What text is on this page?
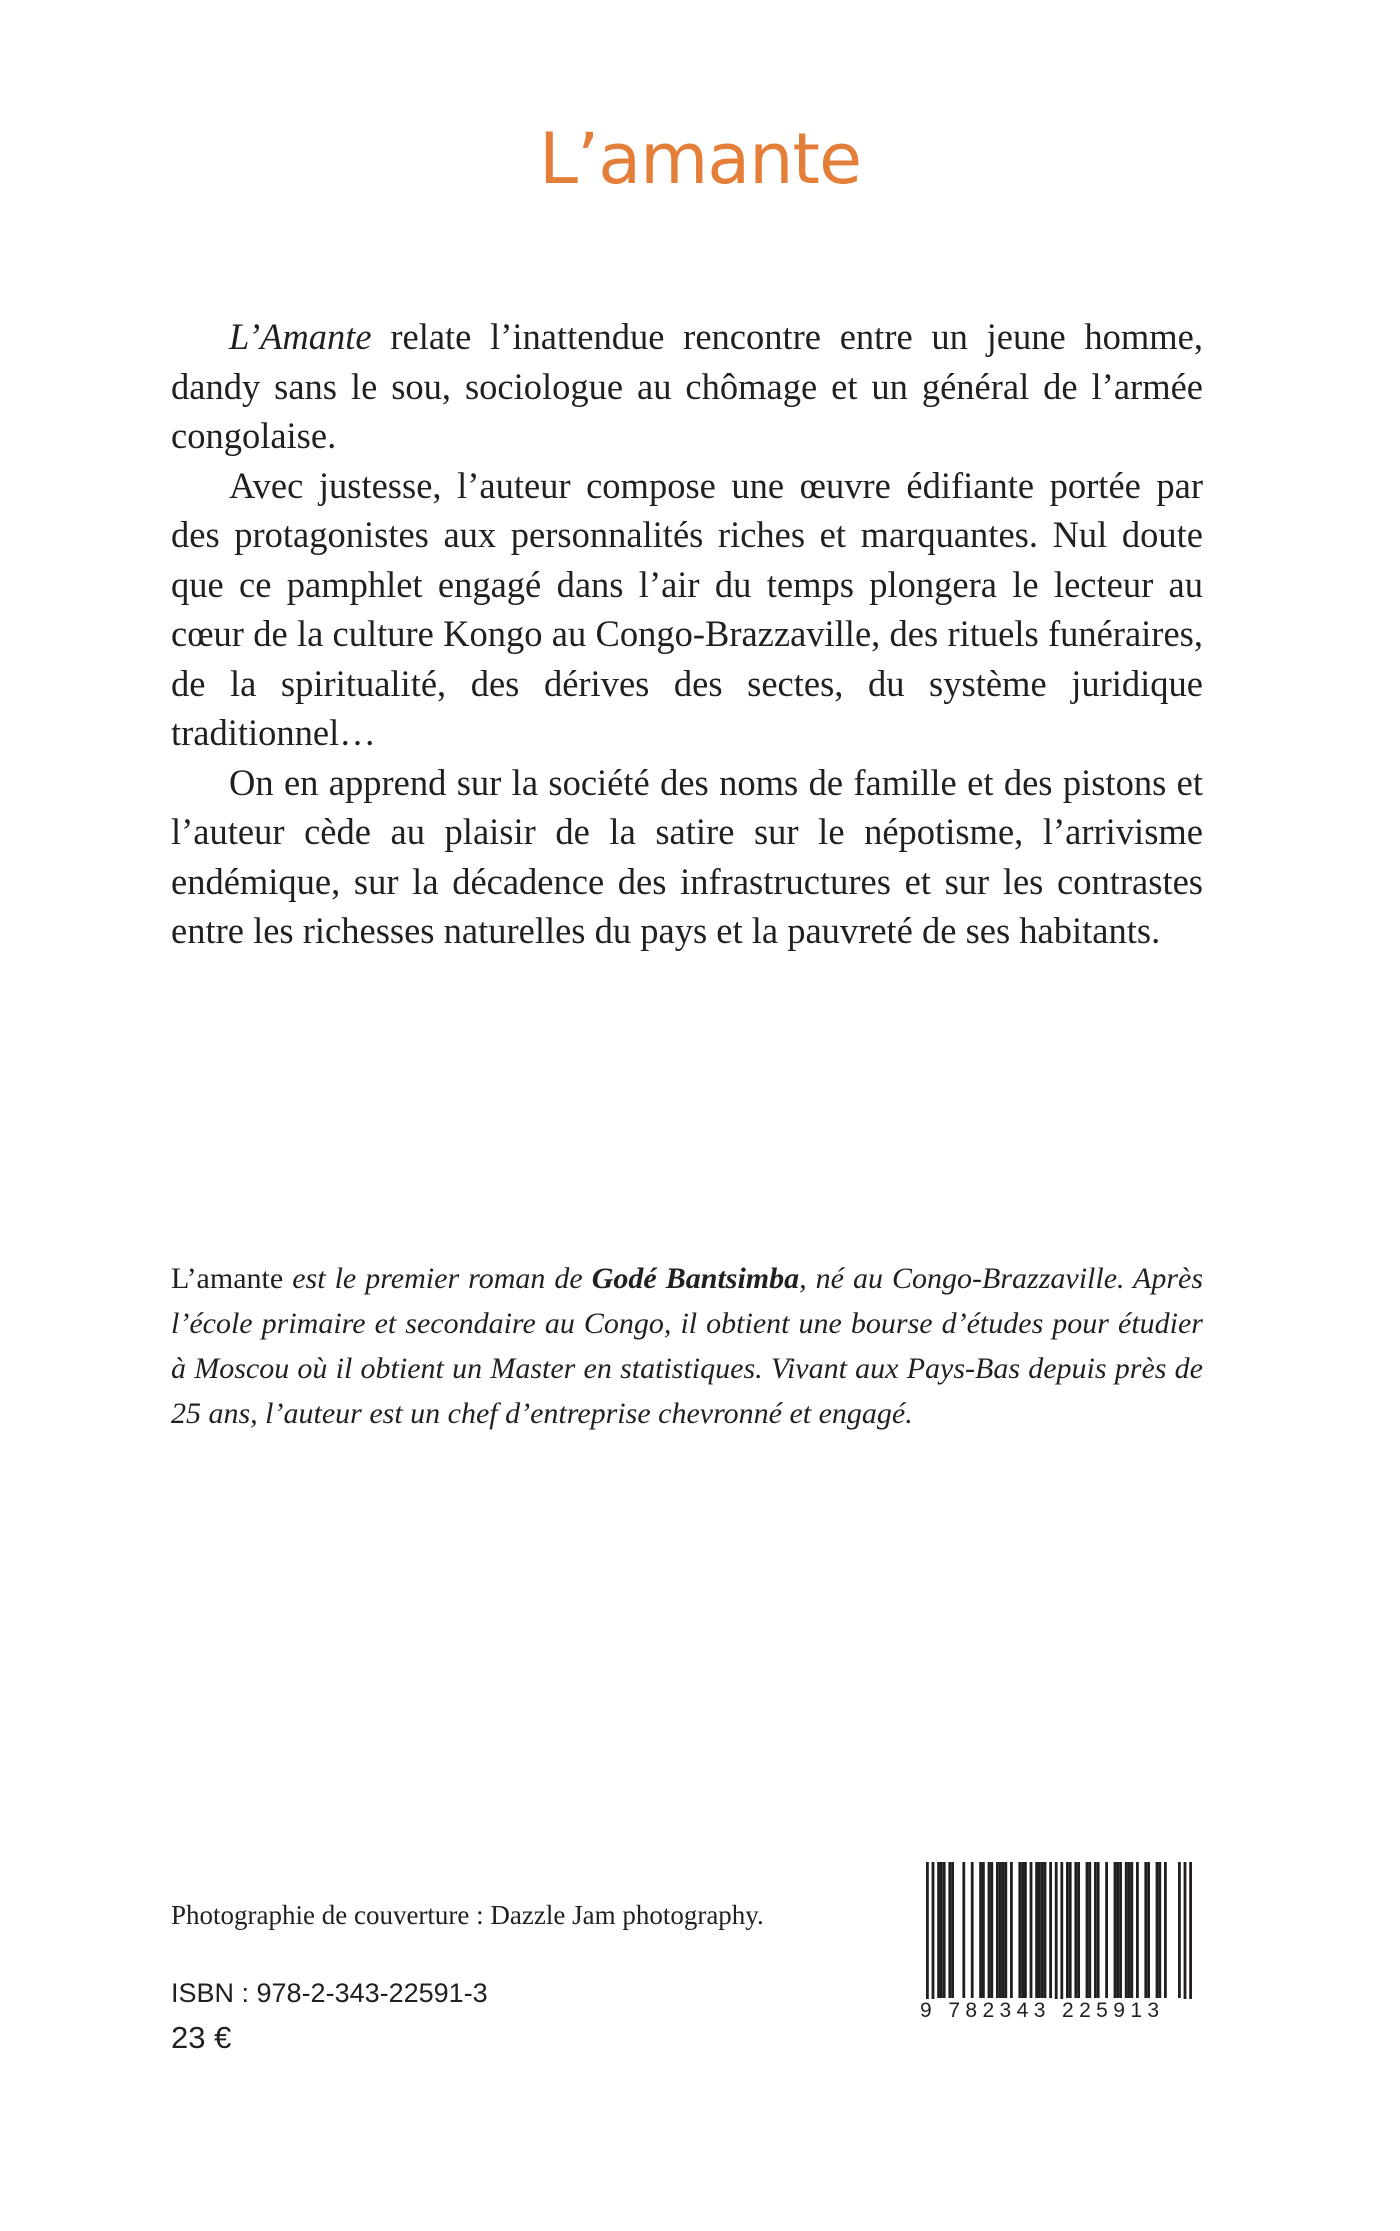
L’amante

L’Amante relate l’inattendue rencontre entre un jeune homme, dandy sans le sou, sociologue au chômage et un général de l’armée congolaise.

Avec justesse, l’auteur compose une œuvre édifiante portée par des protagonistes aux personnalités riches et marquantes. Nul doute que ce pamphlet engagé dans l’air du temps plongera le lecteur au cœur de la culture Kongo au Congo-Brazzaville, des rituels funéraires, de la spiritualité, des dérives des sectes, du système juridique traditionnel…

On en apprend sur la société des noms de famille et des pistons et l’auteur cède au plaisir de la satire sur le népotisme, l’arrivisme endémique, sur la décadence des infrastructures et sur les contrastes entre les richesses naturelles du pays et la pauvreté de ses habitants.

L’amante est le premier roman de Godé Bantsimba, né au Congo-Brazzaville. Après l’école primaire et secondaire au Congo, il obtient une bourse d’études pour étudier à Moscou où il obtient un Master en statistiques. Vivant aux Pays-Bas depuis près de 25 ans, l’auteur est un chef d’entreprise chevronné et engagé.

Photographie de couverture : Dazzle Jam photography.

ISBN : 978-2-343-22591-3

23 €

9 782343 225913
